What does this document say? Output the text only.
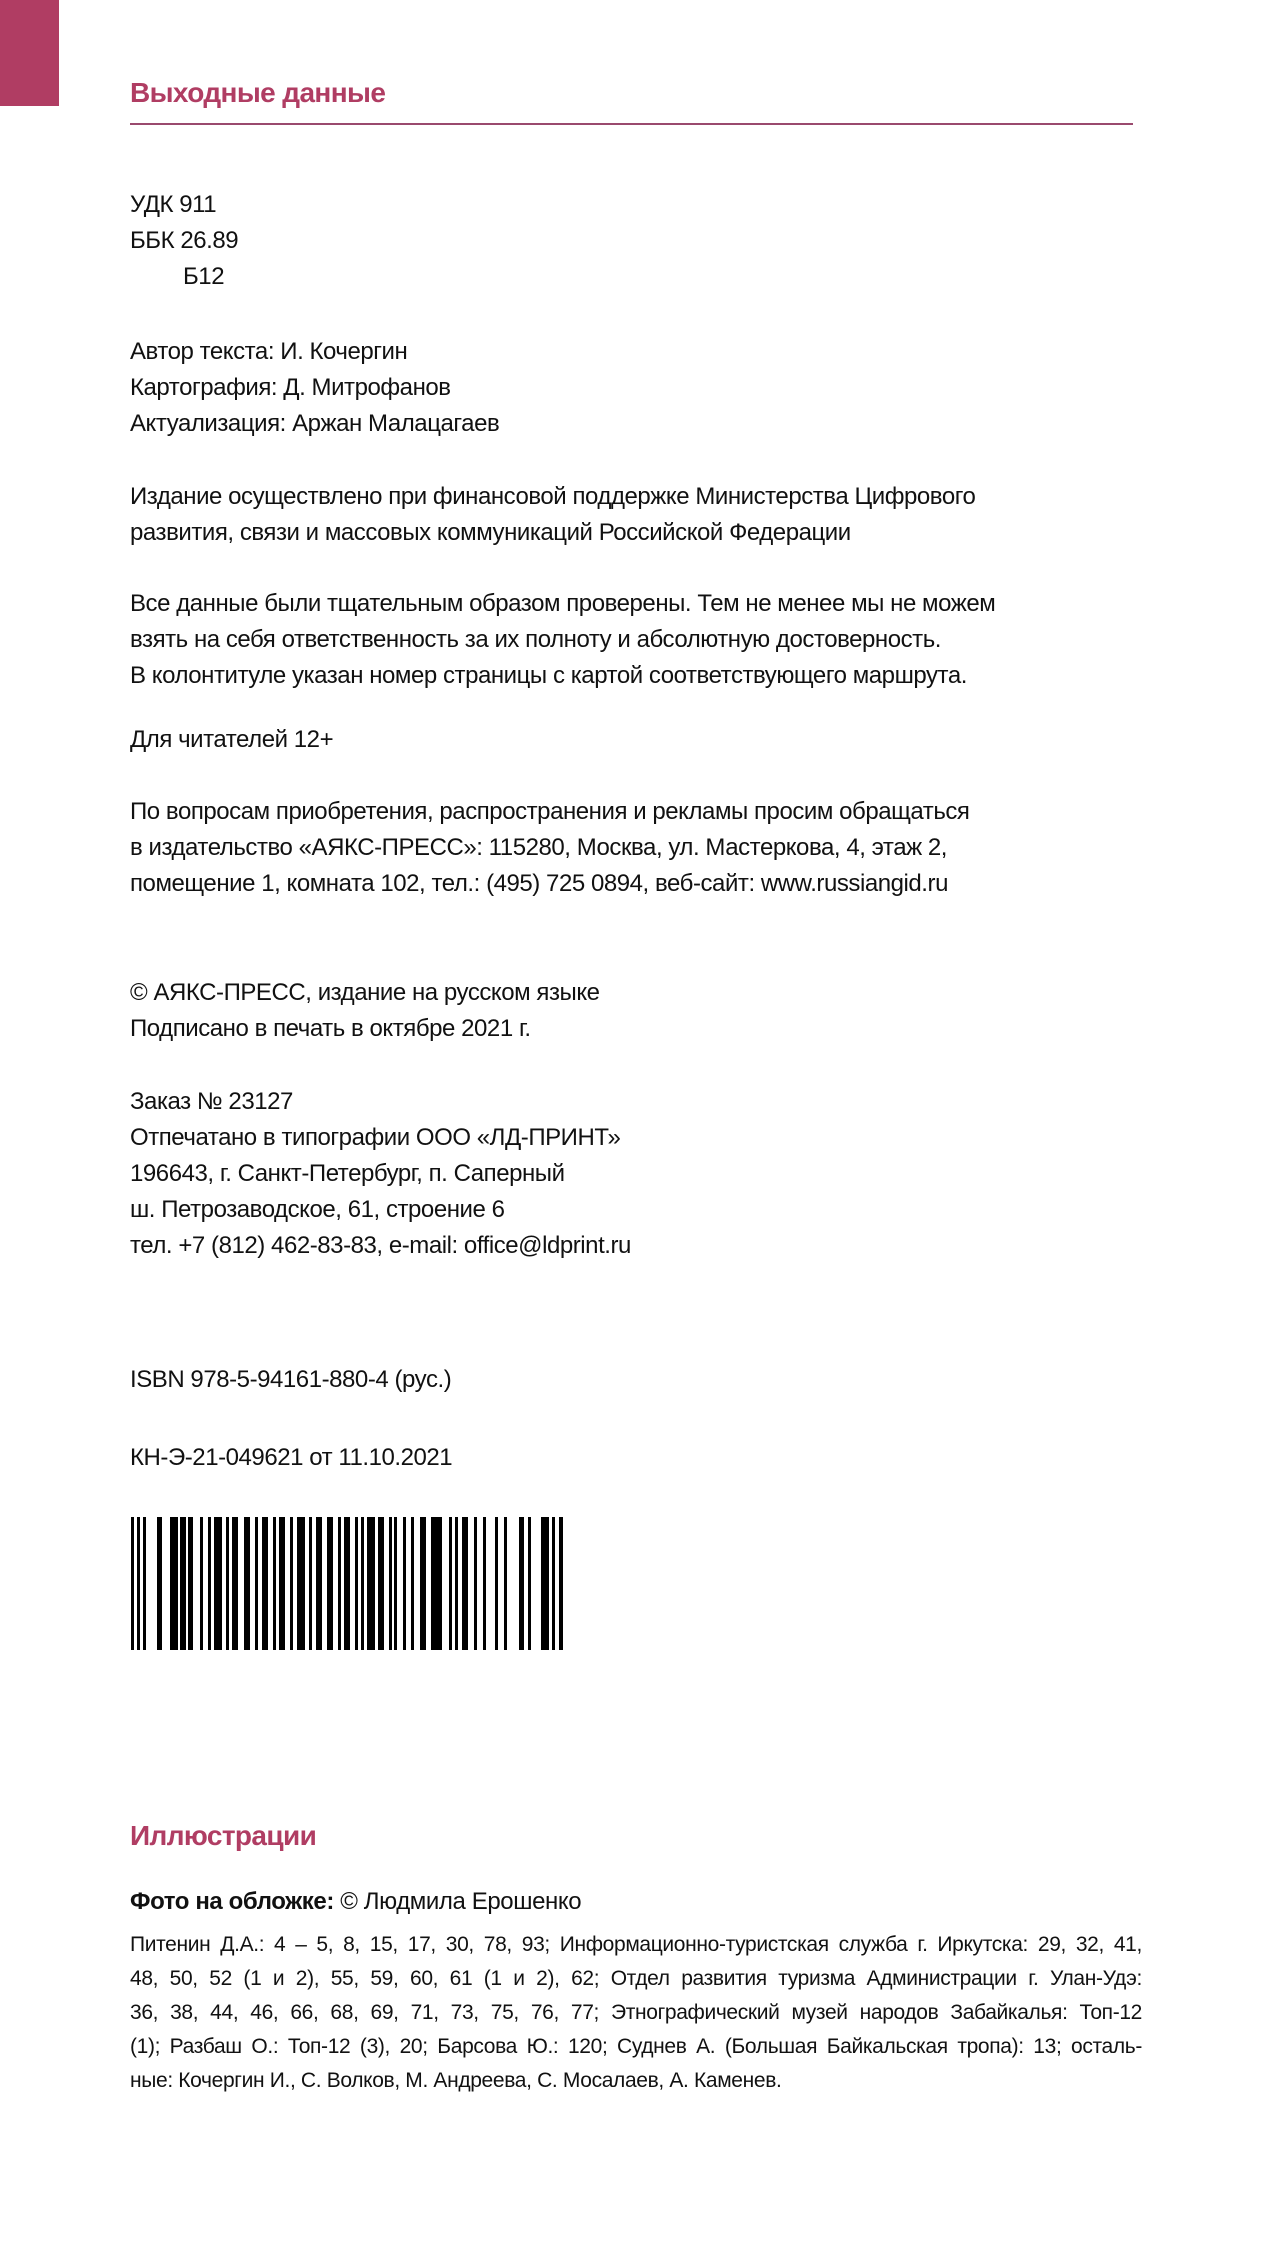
Выходные данные
УДК 911
ББК 26.89
Б12
Автор текста: И. Кочергин
Картография: Д. Митрофанов
Актуализация: Аржан Малацагаев
Издание осуществлено при финансовой поддержке Министерства Цифрового
развития, связи и массовых коммуникаций Российской Федерации
Все данные были тщательным образом проверены. Тем не менее мы не можем
взять на себя ответственность за их полноту и абсолютную достоверность.
В колонтитуле указан номер страницы с картой соответствующего маршрута.
Для читателей 12+
По вопросам приобретения, распространения и рекламы просим обращаться
в издательство «АЯКС-ПРЕСС»: 115280, Москва, ул. Мастеркова, 4, этаж 2,
помещение 1, комната 102, тел.: (495) 725 0894, веб-сайт: www.russiangid.ru
© АЯКС-ПРЕСС, издание на русском языке
Подписано в печать в октябре 2021 г.
Заказ № 23127
Отпечатано в типографии ООО «ЛД-ПРИНТ»
196643, г. Санкт-Петербург, п. Саперный
ш. Петрозаводское, 61, строение 6
тел. +7 (812) 462-83-83, e-mail: office@ldprint.ru
ISBN 978-5-94161-880-4 (рус.)
КН-Э-21-049621 от 11.10.2021
Иллюстрации
Фото на обложке: © Людмила Ерошенко
Питенин Д.А.: 4 – 5, 8, 15, 17, 30, 78, 93; Информационно-туристская служба г. Иркутска: 29, 32, 41,
48, 50, 52 (1 и 2), 55, 59, 60, 61 (1 и 2), 62; Отдел развития туризма Администрации г. Улан-Удэ:
36, 38, 44, 46, 66, 68, 69, 71, 73, 75, 76, 77; Этнографический музей народов Забайкалья: Топ-12
(1); Разбаш О.: Топ-12 (3), 20; Барсова Ю.: 120; Суднев А. (Большая Байкальская тропа): 13; осталь-
ные: Кочергин И., С. Волков, М. Андреева, С. Мосалаев, А. Каменев.
